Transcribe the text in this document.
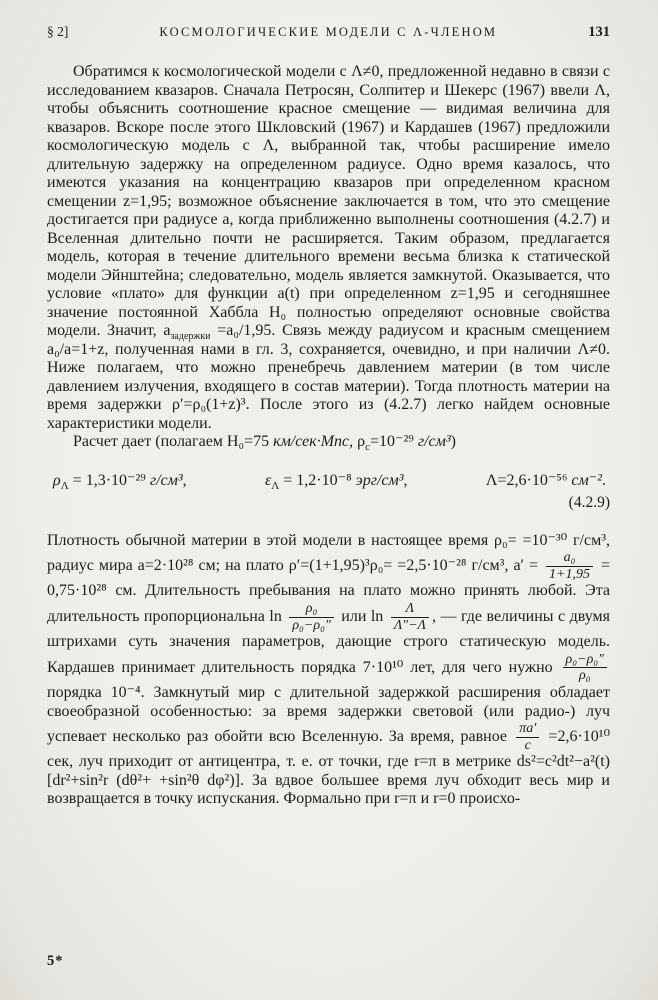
§ 2]	КОСМОЛОГИЧЕСКИЕ МОДЕЛИ С Λ-ЧЛЕНОМ	131

Обратимся к космологической модели с Λ≠0, предложенной недавно в связи с исследованием квазаров. Сначала Петросян, Солпитер и Шекерс (1967) ввели Λ, чтобы объяснить соотношение красное смещение — видимая величина для квазаров. Вскоре после этого Шкловский (1967) и Кардашев (1967) предложили космологическую модель с Λ, выбранной так, чтобы расширение имело длительную задержку на определенном радиусе. Одно время казалось, что имеются указания на концентрацию квазаров при определенном красном смещении z=1,95; возможное объяснение заключается в том, что это смещение достигается при радиусе a, когда приближенно выполнены соотношения (4.2.7) и Вселенная длительно почти не расширяется. Таким образом, предлагается модель, которая в течение длительного времени весьма близка к статической модели Эйнштейна; следовательно, модель является замкнутой. Оказывается, что условие «плато» для функции a(t) при определенном z=1,95 и сегодняшнее значение постоянной Хаббла H₀ полностью определяют основные свойства модели. Значит, $a_{задержки} =a_0/1,95$. Связь между радиусом и красным смещением a₀/a=1+z, полученная нами в гл. 3, сохраняется, очевидно, и при наличии Λ≠0. Ниже полагаем, что можно пренебречь давлением материи (в том числе давлением излучения, входящего в состав материи). Тогда плотность материи на время задержки ρ′=ρ₀(1+z)³. После этого из (4.2.7) легко найдем основные характеристики модели.

Расчет дает (полагаем H₀=75 км/сек·Мпс, $\rho_c=10^{-29}$ г/см³)

$\rho_\Lambda = 1,3\cdot 10^{-29}$ г/см³,	$\varepsilon_\Lambda = 1,2\cdot 10^{-8}$ эрг/см³,	Λ=2,6·10⁻⁵⁶ см⁻².
(4.2.9)

Плотность обычной материи в этой модели в настоящее время ρ₀= =10⁻³⁰ г/см³, радиус мира a=2·10²⁸ см; на плато ρ′=(1+1,95)³ρ₀= =2,5·10⁻²⁸ г/см³, $a' = \frac{\text{a₀}}{1+1,95} = 0,75\cdot 10^{28}$ см. Длительность пребывания на плато можно принять любой. Эта длительность пропорциональна $\ln \frac{\text{ρ₀}}{\text{ρ₀−ρ₀″}}$ или $\ln \frac{\Lambda}{\Lambda''-\Lambda}$ , — где величины с двумя штрихами суть значения параметров, дающие строго статическую модель. Кардашев принимает длительность порядка 7·10¹⁰ лет, для чего нужно $\frac{\text{ρ₀−ρ₀″}}{\text{ρ₀}}$
порядка 10⁻⁴. Замкнутый мир с длительной задержкой расширения обладает своеобразной особенностью: за время задержки световой (или радио-) луч успевает несколько раз обойти всю Вселенную. За время, равное $\frac{\pi a'}{c} =2,6\cdot 10^{10}$ сек, луч приходит от антицентра, т. е. от точки, где r=π в метрике ds²=c²dt²−a²(t)[dr²+sin²r (dθ²+ +sin²θ dφ²)]. За вдвое большее время луч обходит весь мир и возвращается в точку испускания. Формально при r=π и r=0 происхо-

5*
